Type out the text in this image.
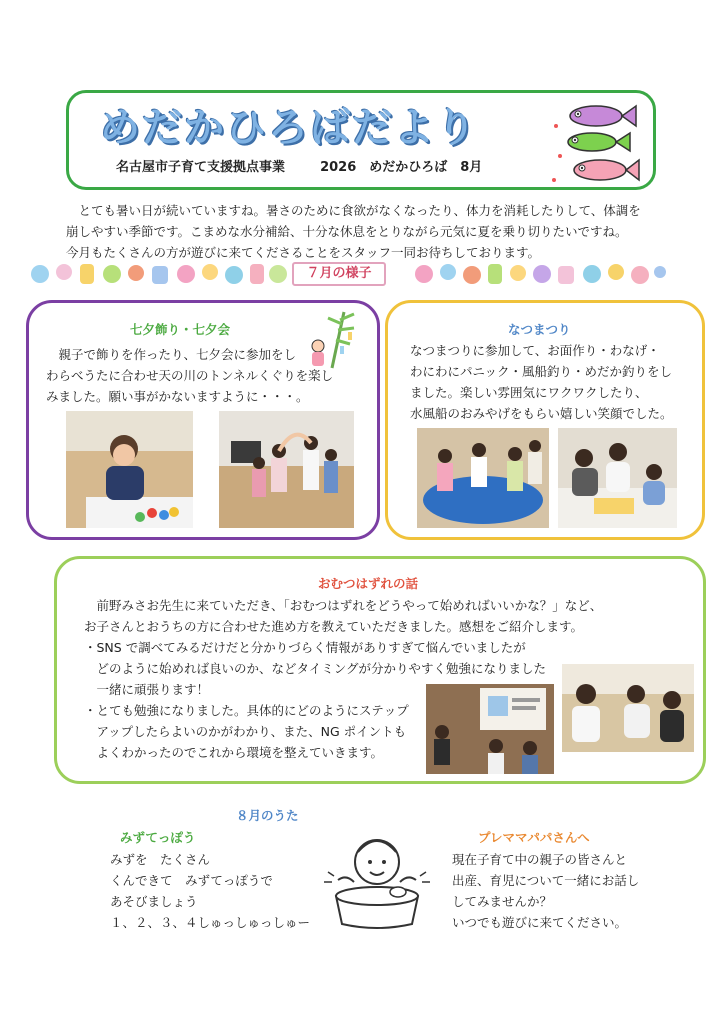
めだかひろばだより
名古屋市子育て支援拠点事業	2026　めだかひろば　8月

　とても暑い日が続いていますね。暑さのために食欲がなくなったり、体力を消耗したりして、体調を

崩しやすい季節です。こまめな水分補給、十分な休息をとりながら元気に夏を乗り切りたいですね。

今月もたくさんの方が遊びに来てくださることをスタッフ一同お待ちしております。

７月の様子
七夕飾り・七夕会

　親子で飾りを作ったり、七夕会に参加をし

わらべうたに合わせ天の川のトンネルくぐりを楽し

みました。願い事がかないますように・・・。

なつまつり

なつまつりに参加して、お面作り・わなげ・

わにわにパニック・風船釣り・めだか釣りをし

ました。楽しい雰囲気にワクワクしたり、

水風船のおみやげをもらい嬉しい笑顔でした。

おむつはずれの話

　前野みさお先生に来ていただき、「おむつはずれをどうやって始めればいいかな？」など、

お子さんとおうちの方に合わせた進め方を教えていただきました。感想をご紹介します。

・SNS で調べてみるだけだと分かりづらく情報がありすぎて悩んでいましたが

　どのように始めれば良いのか、などタイミングが分かりやすく勉強になりました

　一緒に頑張ります！

・とても勉強になりました。具体的にどのようにステップ

　アップしたらよいのかがわかり、また、NG ポイントも

　よくわかったのでこれから環境を整えていきます。

８月のうた
みずてっぽう

みずを　たくさん

くんできて　みずてっぽうで

あそびましょう

１、２、３、４しゅっしゅっしゅー

プレママパパさんへ

現在子育て中の親子の皆さんと

出産、育児について一緒にお話し

してみませんか？

いつでも遊びに来てください。
